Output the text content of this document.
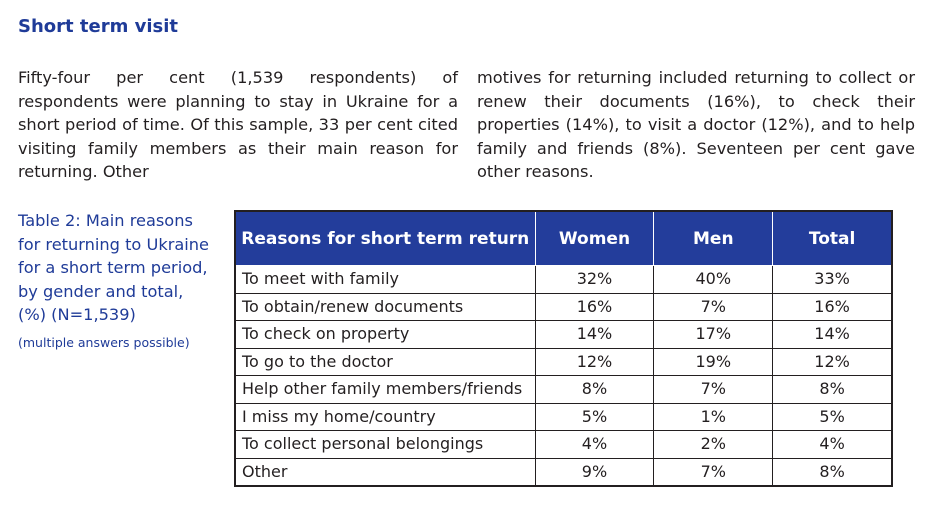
Short term visit
Fifty-four per cent (1,539 respondents) of respondents were planning to stay in Ukraine for a short period of time. Of this sample, 33 per cent cited visiting family members as their main reason for returning. Other
motives for returning included returning to collect or renew their documents (16%), to check their properties (14%), to visit a doctor (12%), and to help family and friends (8%). Seventeen per cent gave other reasons.
Table 2: Main reasons for returning to Ukraine for a short term period, by gender and total, (%) (N=1,539)
(multiple answers possible)
Reasons for short term return	Women	Men	Total
To meet with family	32%	40%	33%
To obtain/renew documents	16%	7%	16%
To check on property	14%	17%	14%
To go to the doctor	12%	19%	12%
Help other family members/friends	8%	7%	8%
I miss my home/country	5%	1%	5%
To collect personal belongings	4%	2%	4%
Other	9%	7%	8%
